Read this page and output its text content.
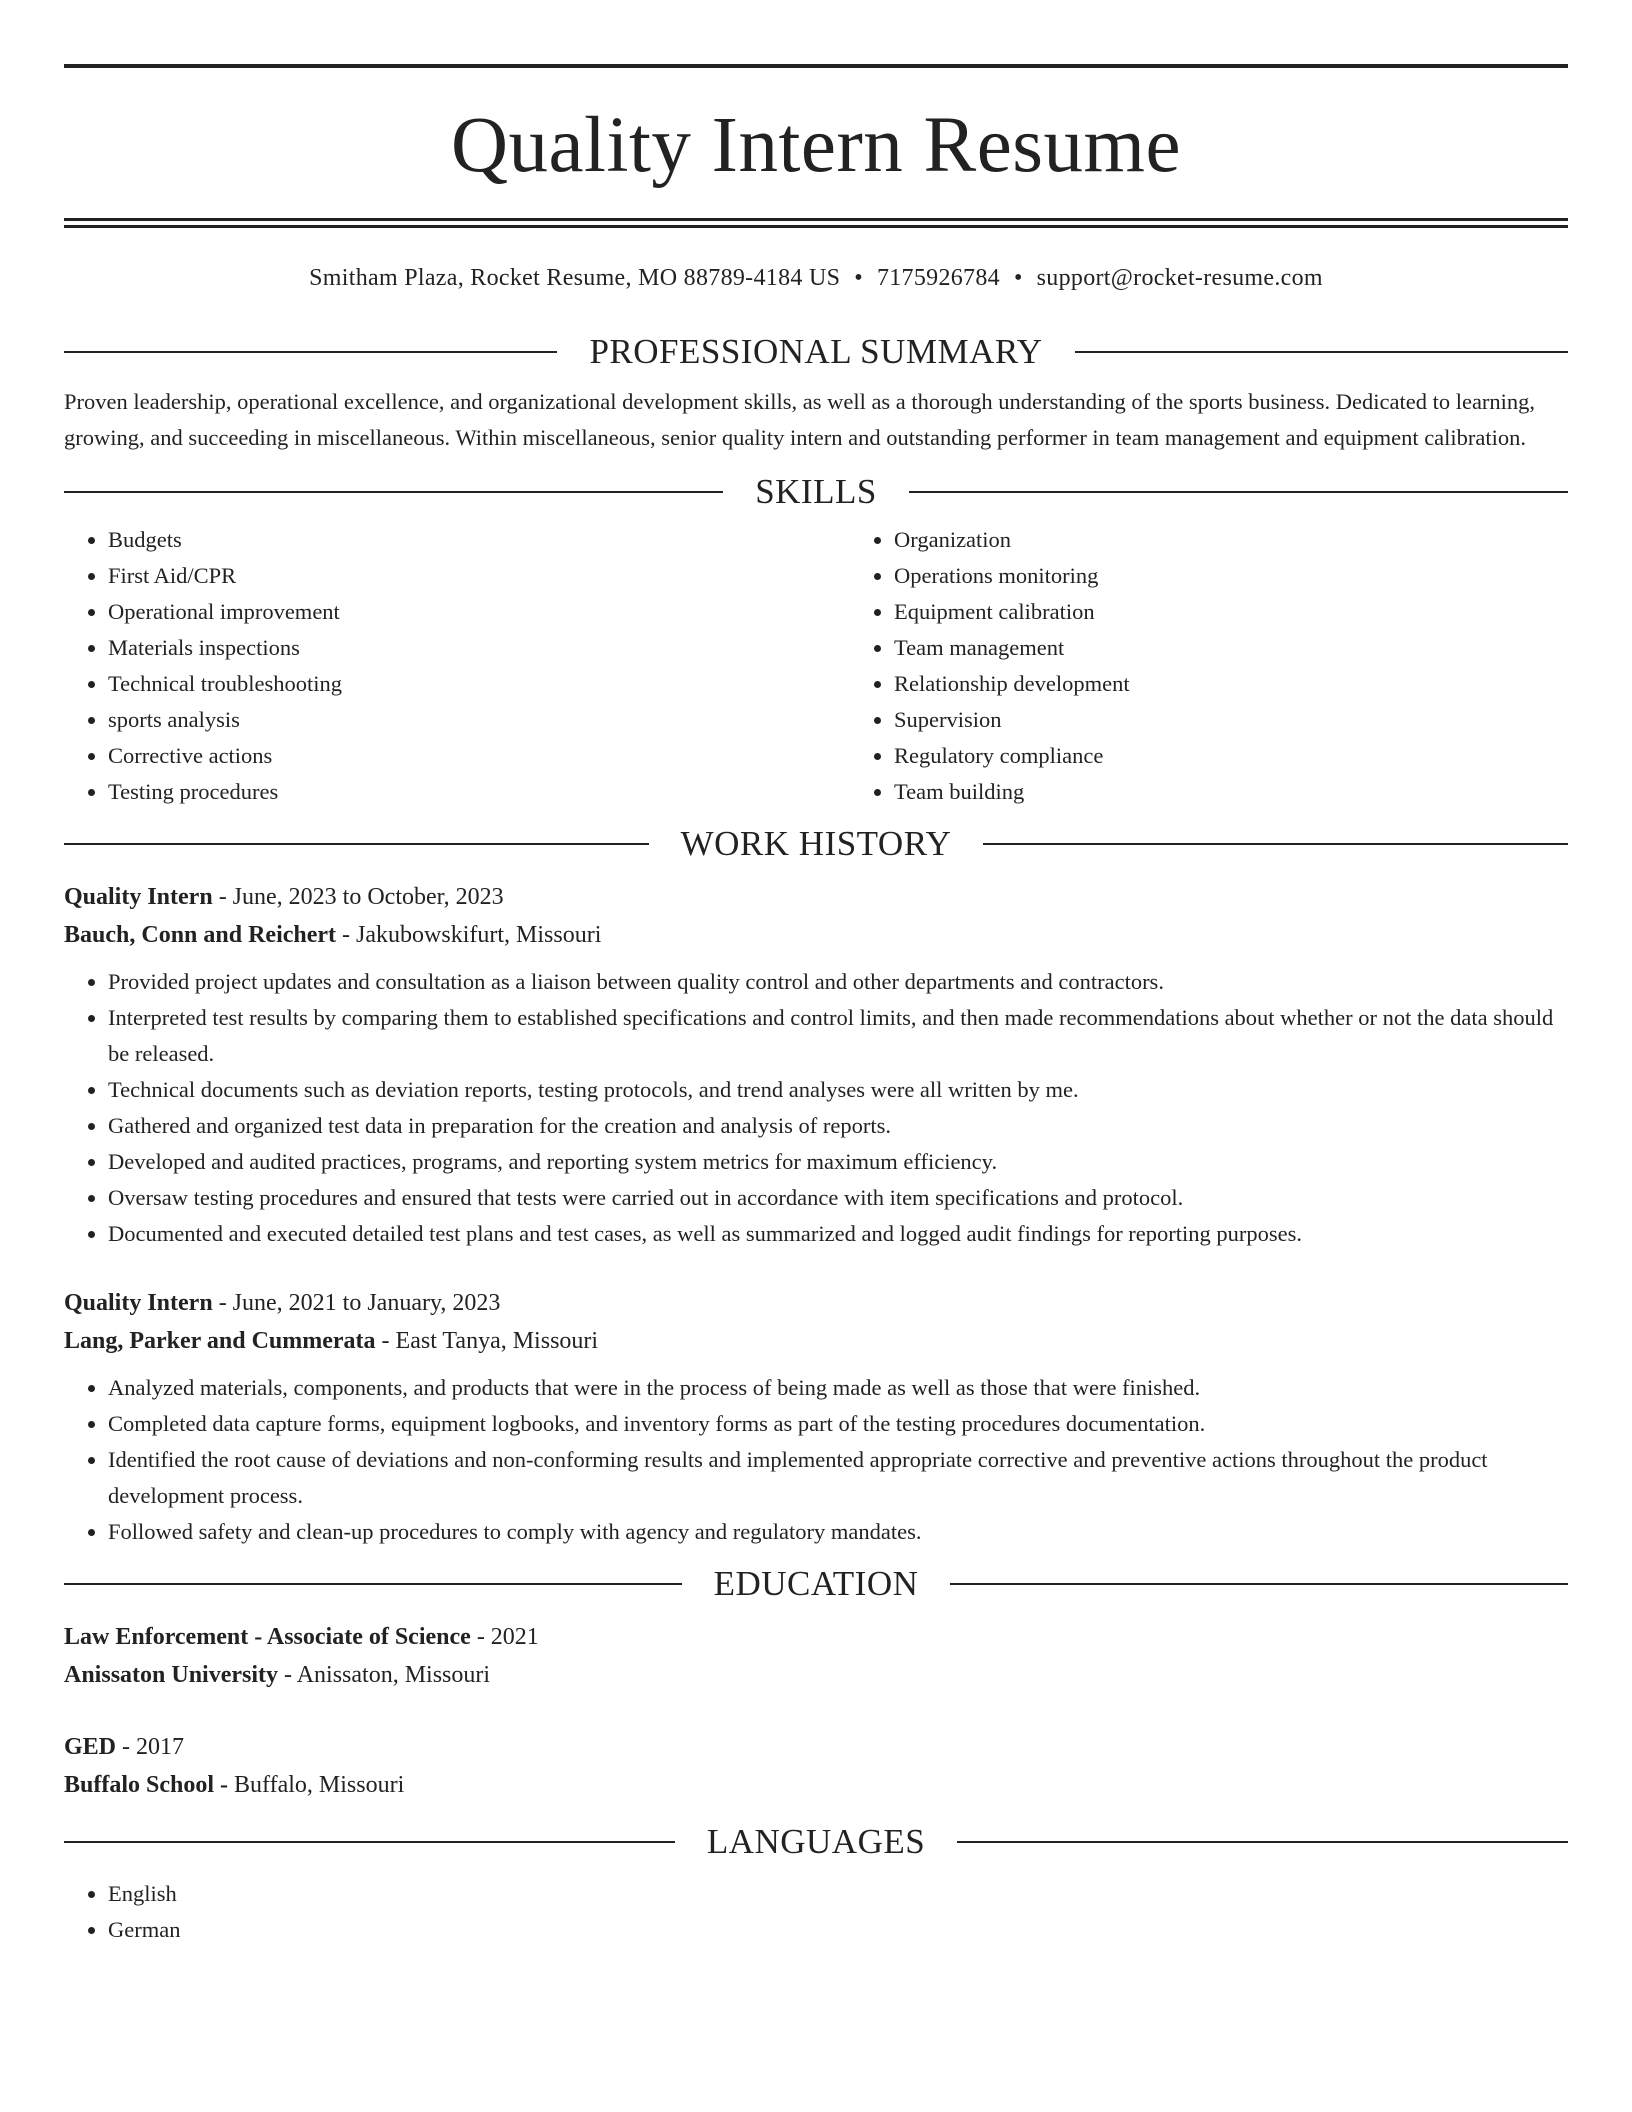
Quality Intern Resume
Smitham Plaza, Rocket Resume, MO 88789-4184 US • 7175926784 • support@rocket-resume.com
PROFESSIONAL SUMMARY

Proven leadership, operational excellence, and organizational development skills, as well as a thorough understanding of the sports business. Dedicated to learning, growing, and succeeding in miscellaneous. Within miscellaneous, senior quality intern and outstanding performer in team management and equipment calibration.

SKILLS
• Budgets
• First Aid/CPR
• Operational improvement
• Materials inspections
• Technical troubleshooting
• sports analysis
• Corrective actions
• Testing procedures
• Organization
• Operations monitoring
• Equipment calibration
• Team management
• Relationship development
• Supervision
• Regulatory compliance
• Team building
WORK HISTORY
Quality Intern - June, 2023 to October, 2023
Bauch, Conn and Reichert - Jakubowskifurt, Missouri
• Provided project updates and consultation as a liaison between quality control and other departments and contractors.
• Interpreted test results by comparing them to established specifications and control limits, and then made recommendations about whether or not the data should be released.
• Technical documents such as deviation reports, testing protocols, and trend analyses were all written by me.
• Gathered and organized test data in preparation for the creation and analysis of reports.
• Developed and audited practices, programs, and reporting system metrics for maximum efficiency.
• Oversaw testing procedures and ensured that tests were carried out in accordance with item specifications and protocol.
• Documented and executed detailed test plans and test cases, as well as summarized and logged audit findings for reporting purposes.
Quality Intern - June, 2021 to January, 2023
Lang, Parker and Cummerata - East Tanya, Missouri
• Analyzed materials, components, and products that were in the process of being made as well as those that were finished.
• Completed data capture forms, equipment logbooks, and inventory forms as part of the testing procedures documentation.
• Identified the root cause of deviations and non-conforming results and implemented appropriate corrective and preventive actions throughout the product development process.
• Followed safety and clean-up procedures to comply with agency and regulatory mandates.
EDUCATION
Law Enforcement - Associate of Science - 2021
Anissaton University - Anissaton, Missouri
GED - 2017
Buffalo School - Buffalo, Missouri
LANGUAGES
• English
• German
